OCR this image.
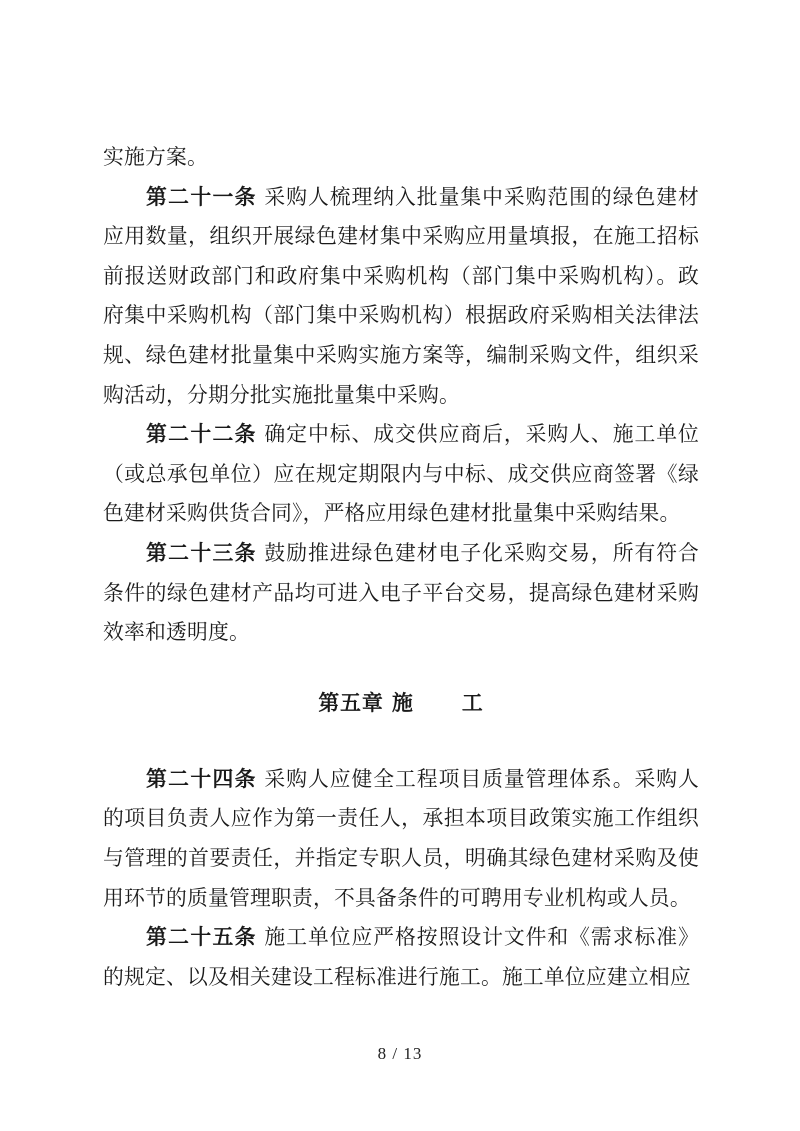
实施方案。

第二十一条 采购人梳理纳入批量集中采购范围的绿色建材应用数量，组织开展绿色建材集中采购应用量填报，在施工招标前报送财政部门和政府集中采购机构（部门集中采购机构）。政府集中采购机构（部门集中采购机构）根据政府采购相关法律法规、绿色建材批量集中采购实施方案等，编制采购文件，组织采购活动，分期分批实施批量集中采购。

第二十二条 确定中标、成交供应商后，采购人、施工单位（或总承包单位）应在规定期限内与中标、成交供应商签署《绿色建材采购供货合同》，严格应用绿色建材批量集中采购结果。

第二十三条 鼓励推进绿色建材电子化采购交易，所有符合条件的绿色建材产品均可进入电子平台交易，提高绿色建材采购效率和透明度。

第五章 施 工

第二十四条 采购人应健全工程项目质量管理体系。采购人的项目负责人应作为第一责任人，承担本项目政策实施工作组织与管理的首要责任，并指定专职人员，明确其绿色建材采购及使用环节的质量管理职责，不具备条件的可聘用专业机构或人员。

第二十五条 施工单位应严格按照设计文件和《需求标准》的规定、以及相关建设工程标准进行施工。施工单位应建立相应

8 / 13
